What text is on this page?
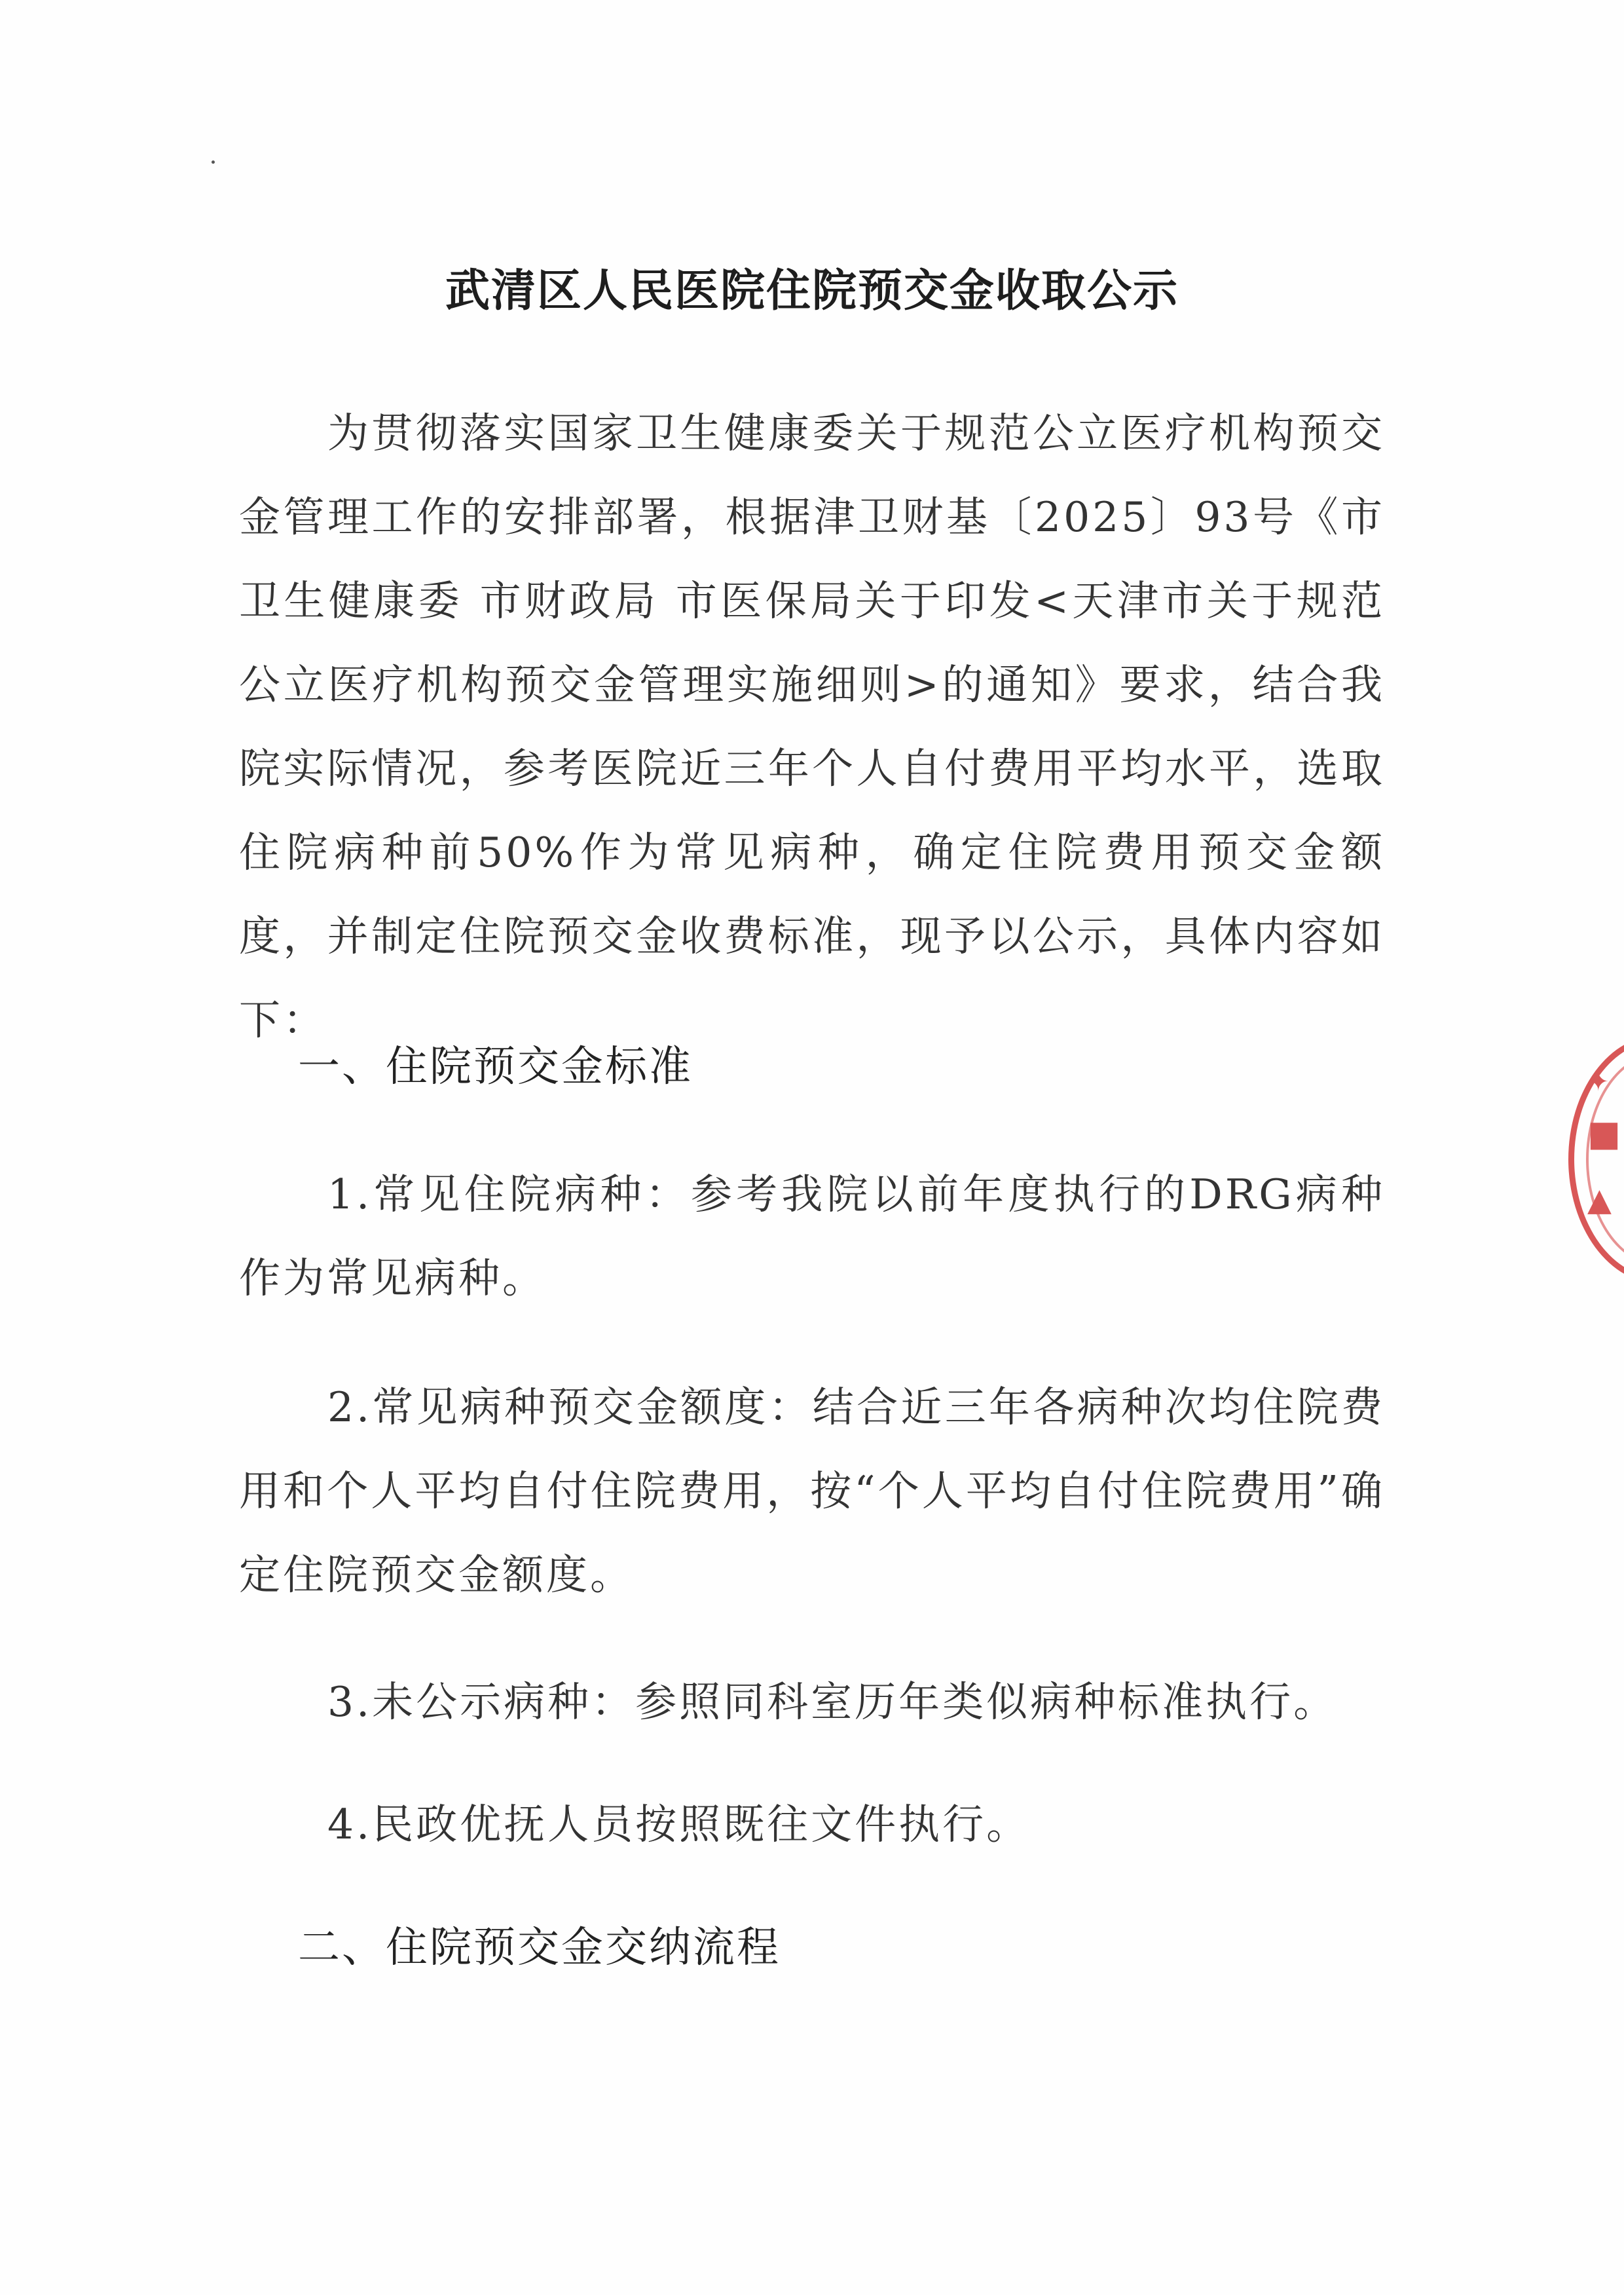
武清区人民医院住院预交金收取公示
为贯彻落实国家卫生健康委关于规范公立医疗机构预交金管理工作的安排部署，根据津卫财基〔2025〕93号《市卫生健康委 市财政局 市医保局关于印发<天津市关于规范公立医疗机构预交金管理实施细则>的通知》要求，结合我院实际情况，参考医院近三年个人自付费用平均水平，选取住院病种前50%作为常见病种，确定住院费用预交金额度，并制定住院预交金收费标准，现予以公示，具体内容如下：
一、住院预交金标准
1.常见住院病种：参考我院以前年度执行的DRG病种作为常见病种。
2.常见病种预交金额度：结合近三年各病种次均住院费用和个人平均自付住院费用，按“个人平均自付住院费用”确定住院预交金额度。
3.未公示病种：参照同科室历年类似病种标准执行。
4.民政优抚人员按照既往文件执行。
二、住院预交金交纳流程
✦
■
▲
